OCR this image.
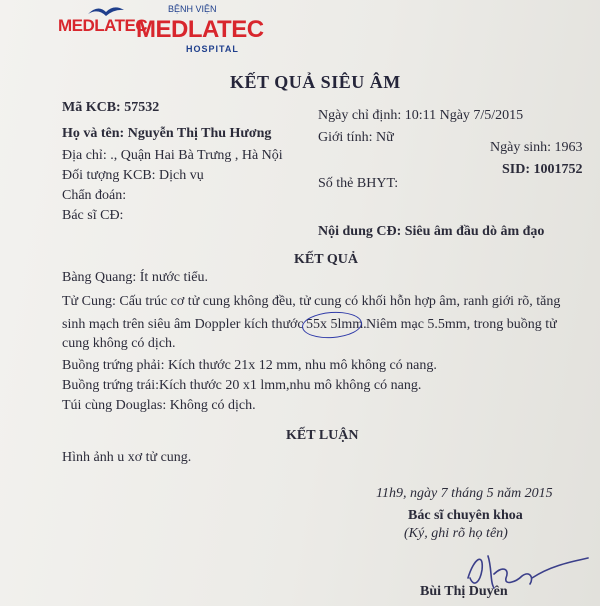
MEDLATEC
BỆNH VIỆN
MEDLATEC
HOSPITAL
KẾT QUẢ SIÊU ÂM
Mã KCB: 57532
Họ và tên: Nguyễn Thị Thu Hương
Địa chỉ: ., Quận Hai Bà Trưng , Hà Nội
Đối tượng KCB: Dịch vụ
Chẩn đoán:
Bác sĩ CĐ:
Ngày chỉ định: 10:11 Ngày 7/5/2015
Giới tính: Nữ
Ngày sinh: 1963
SID: 1001752
Số thẻ BHYT:
Nội dung CĐ: Siêu âm đầu dò âm đạo
KẾT QUẢ
Bàng Quang: Ít nước tiểu.
Tử Cung: Cấu trúc cơ tử cung không đều, tử cung có khối hỗn hợp âm, ranh giới rõ, tăng
sinh mạch trên siêu âm Doppler kích thước 55x 5lmm. Niêm mạc 5.5mm, trong buồng tử
cung không có dịch.
Buồng trứng phải: Kích thước 21x 12 mm, nhu mô không có nang.
Buồng trứng trái:Kích thước 20 x1 lmm,nhu mô không có nang.
Túi cùng Douglas: Không có dịch.
KẾT LUẬN
Hình ảnh u xơ tử cung.
11h9, ngày 7 tháng 5 năm 2015
Bác sĩ chuyên khoa
(Ký, ghi rõ họ tên)
Bùi Thị Duyên
